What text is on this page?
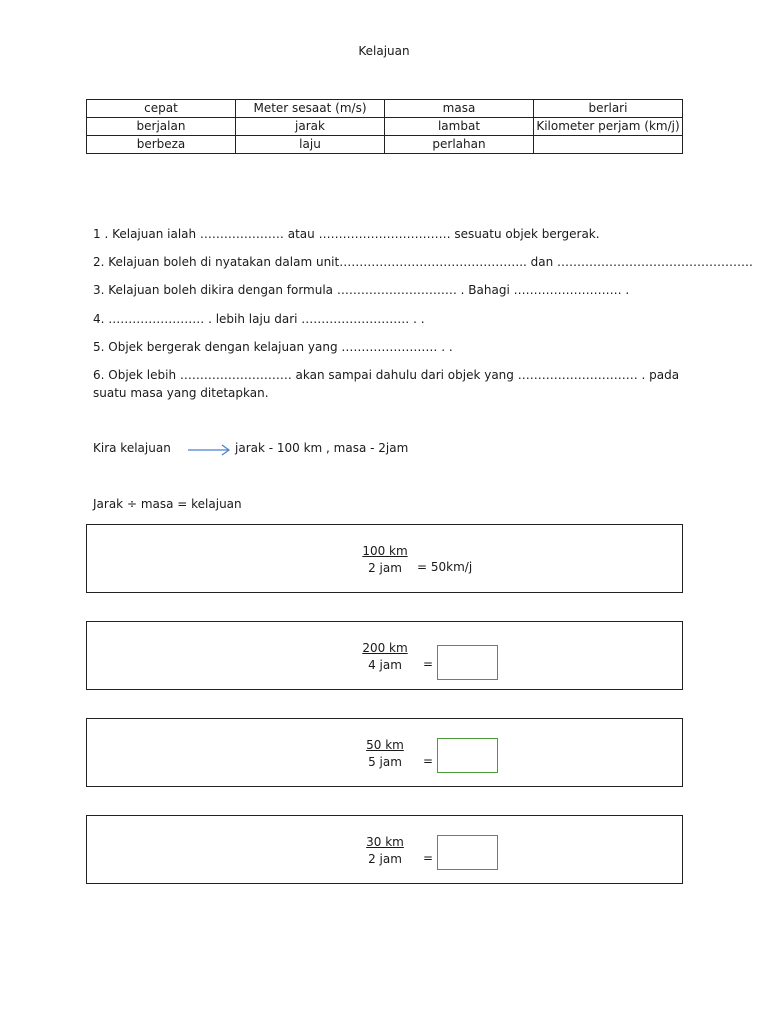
Kelajuan
cepat	Meter sesaat (m/s)	masa	berlari
berjalan	jarak	lambat	Kilometer perjam (km/j)
berbeza	laju	perlahan	
1 . Kelajuan ialah ………………… atau …………………………… sesuatu objek bergerak.
2. Kelajuan boleh di nyatakan dalam unit……………………………………….. dan ………………………………………….
3. Kelajuan boleh dikira dengan formula ………………………… . Bahagi ……………………… .
4. …………………… . lebih laju dari ……………………… . .
5. Objek bergerak dengan kelajuan yang …………………… . .
6. Objek lebih ………………………. akan sampai dahulu dari objek yang ………………………… . pada suatu masa yang ditetapkan.
Kira kelajuan	jarak - 100 km , masa - 2jam
Jarak ÷ masa = kelajuan
100 km
2 jam	= 50km/j
200 km
4 jam	=
50 km
5 jam	=
30 km
2 jam	=
